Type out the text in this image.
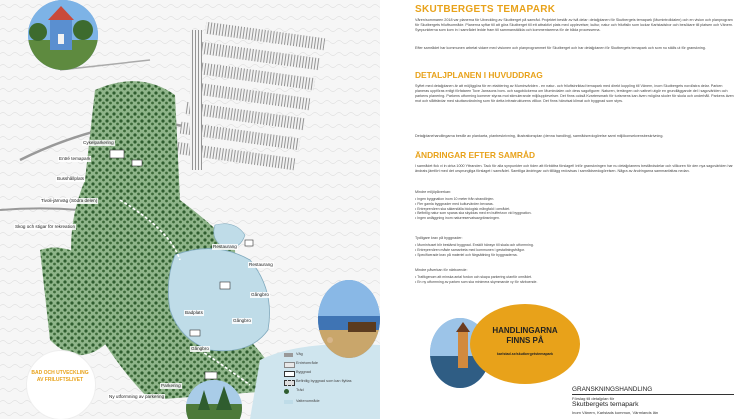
Cykelparkering
Entré temapark
Busshållplats
Tivoli-järnväg (Södra delen)
Skog och stigar för rekreation
Restaurang
Restaurang
Gångbro
Gångbro
Gångbro
Badplats
Parkering
Ny utformning av parkering
Väg
Entréområde
Byggnad
Befintlig byggnad som kan flyttas
Träd
Vattenområde
BAD OCH UTVECKLING AV FRILUFTSLIVET
SKUTBERGETS TEMAPARK
Våren/sommaren 2018 var planerna för Utveckling av Skutberget på samråd. Projektet består av två delar: detaljplanen för Skutbergets temapark (Mumintrolldalen) och en vision och planprogram för Skutbergets friluftsområde. Planerna syftar till att göra Skutberget till ett attraktivt plats med upplevelser, kultur, natur och friluftsliv som lockar Karlstadsbor och besökare till platsen och Vänern. Synpunkterna som kom in i samrådet ledde fram till sammanställda och kommentarerna för de båda processerna.
Efter samrådet har kommunen arbetat vidare med visionen och planprogrammet för Skutberget och har detaljplanen för Skutbergets temapark och som nu ställs ut för granskning.
DETALJPLANEN I HUVUDDRAG
Syftet med detaljplanen är att möjliggöra för en etablering av Muminvärlden - en natur- och friluftsinriktad temapark med direkt koppling till Vänern, inom Skutbergets nordöstra delar. Parken planeras uppföras enligt förfataren Tove Janssons bom- och sagoböckerna om Mumindalen och dess sagofigurer. Naturen, terrängen och vattnet utgör en grundläggande del i sagovärlden och parkens planering. Parkens utforming kommer styras mot stimulerande miljöupplevelser. Det finns också Kvartersmark för turismens kan även mögöra skoler för skola och underhåll. Parkens även mot och slåtträrdar med skuttanvändning som för detta infrastrukturens villkor. Det finns hänvisat klimat och byggnad som styrs.
Detaljplanehandlingarna består av plankarta, planbeskrivning, illustrationsplan (denna handling), samrådsredogörelse samt miljökonsekvensbeskrivning.
ÄNDRINGAR EFTER SAMRÅD
I samrådet fick vi in cirka 1000 Yttranden. Tack för alla synpunkter och tiden att förbättra förslaget! Inför granskningen har nu detaljplanens beståndsdelar och villkoren för den nya sagovärlden har ändrats jämfört med det ursprungliga förslaget i samrådet. Samtliga ändringar och tilllägg redovisas i samrådsredogörelsen. Några av ändringarna sammanfattas nedan.
Mindre miljöpåverkan:
• Ingen byggnation inom 10 meter från strandlinjen.
• Fler gamla byggnader med kulturvärden bevaras.
• Entreprenören ska säkerställa biologisk mångfald i området.
• Befintlig natur som sparas ska skyddas med en buffertzon vid byggnation.
• Ingen anläggning inom naturreservatsavgränsningen.
Tydligare krav på byggnader:
• Muminhuset blir bestämd byggnad. Enskilt hänsyn till skala och utformning.
• Entreprenören måste samarbeta med kommunen i gestaltningsfrågor.
• Specificerade krav på materiel och färgsättning för byggnaderna.
Mindre påverkan för närboende:
• Trafikgenom att minska antal fordon och skapa parkering utanför området.
• En ny utformning av parken som ska minimera skymmande vy för närboende.
HANDLINGARNA
FINNS PÅ
karlstad.se/skutbergetstemapark
GRANSKNINGSHANDLING
Förslag till detaljplan för
Skutbergets temapark
Inom Vänern, Karlstads kommun, Värmlands län
